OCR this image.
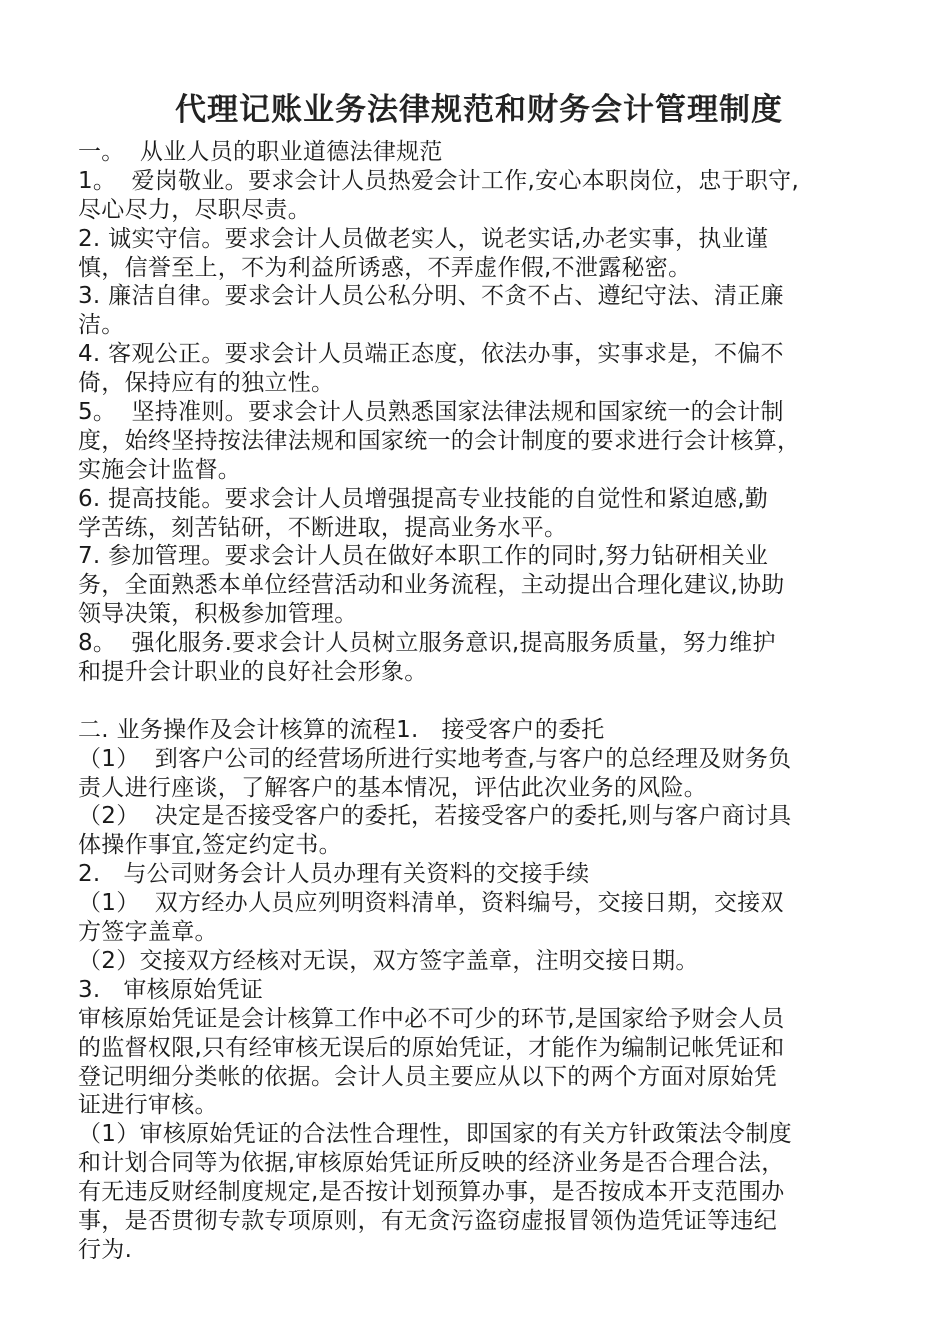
代理记账业务法律规范和财务会计管理制度
一。  从业人员的职业道德法律规范
1。  爱岗敬业。要求会计人员热爱会计工作,安心本职岗位，忠于职守,
尽心尽力，尽职尽责。
2. 诚实守信。要求会计人员做老实人，说老实话,办老实事，执业谨
慎，信誉至上，不为利益所诱惑，不弄虚作假,不泄露秘密。
3. 廉洁自律。要求会计人员公私分明、不贪不占、遵纪守法、清正廉
洁。
4. 客观公正。要求会计人员端正态度，依法办事，实事求是，不偏不
倚，保持应有的独立性。
5。  坚持准则。要求会计人员熟悉国家法律法规和国家统一的会计制
度，始终坚持按法律法规和国家统一的会计制度的要求进行会计核算，
实施会计监督。
6. 提高技能。要求会计人员增强提高专业技能的自觉性和紧迫感,勤
学苦练，刻苦钻研，不断进取，提高业务水平。
7. 参加管理。要求会计人员在做好本职工作的同时,努力钻研相关业
务，全面熟悉本单位经营活动和业务流程，主动提出合理化建议,协助
领导决策，积极参加管理。
8。  强化服务.要求会计人员树立服务意识,提高服务质量，努力维护
和提升会计职业的良好社会形象。
二. 业务操作及会计核算的流程1.   接受客户的委托
（1）  到客户公司的经营场所进行实地考查,与客户的总经理及财务负
责人进行座谈，了解客户的基本情况，评估此次业务的风险。
（2）  决定是否接受客户的委托，若接受客户的委托,则与客户商讨具
体操作事宜,签定约定书。
2.   与公司财务会计人员办理有关资料的交接手续
（1）  双方经办人员应列明资料清单，资料编号，交接日期，交接双
方签字盖章。
（2）交接双方经核对无误，双方签字盖章，注明交接日期。
3.   审核原始凭证
审核原始凭证是会计核算工作中必不可少的环节,是国家给予财会人员
的监督权限,只有经审核无误后的原始凭证，才能作为编制记帐凭证和
登记明细分类帐的依据。会计人员主要应从以下的两个方面对原始凭
证进行审核。
（1）审核原始凭证的合法性合理性，即国家的有关方针政策法令制度
和计划合同等为依据,审核原始凭证所反映的经济业务是否合理合法，
有无违反财经制度规定,是否按计划预算办事，是否按成本开支范围办
事，是否贯彻专款专项原则，有无贪污盗窃虚报冒领伪造凭证等违纪
行为.
